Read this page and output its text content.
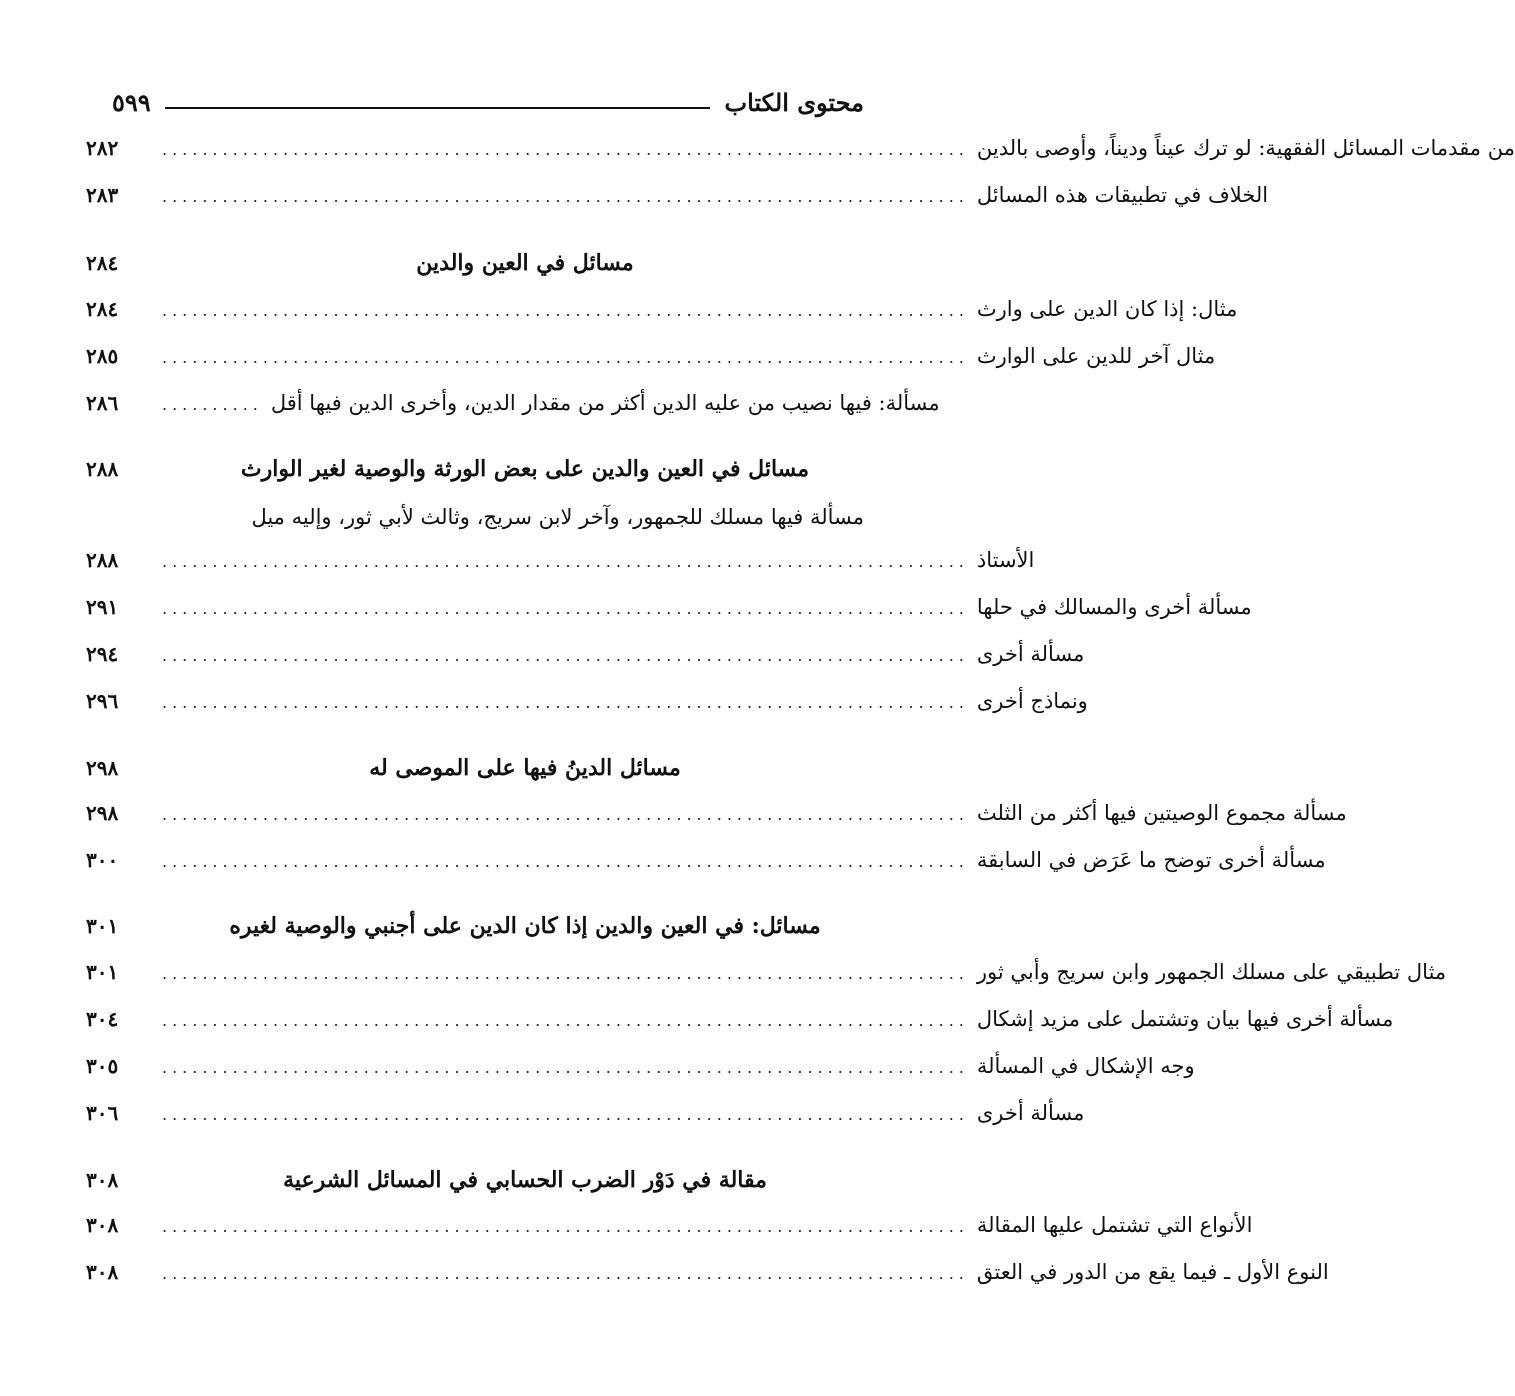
٥٩٩	محتوى الكتاب
٢٨٢	................................................................................ من مقدمات المسائل الفقهية: لو ترك عيناً وديناً، وأوصى بالدين
٢٨٣	................................................................................ الخلاف في تطبيقات هذه المسائل
٢٨٤	مسائل في العين والدين
٢٨٤	................................................................................ مثال: إذا كان الدين على وارث
٢٨٥	................................................................................ مثال آخر للدين على الوارث
٢٨٦	.......... مسألة: فيها نصيب من عليه الدين أكثر من مقدار الدين، وأخرى الدين فيها أقل
٢٨٨	مسائل في العين والدين على بعض الورثة والوصية لغير الوارث
مسألة فيها مسلك للجمهور، وآخر لابن سريج، وثالث لأبي ثور، وإليه ميل
٢٨٨	................................................................................ الأستاذ
٢٩١	................................................................................ مسألة أخرى والمسالك في حلها
٢٩٤	................................................................................ مسألة أخرى
٢٩٦	................................................................................ ونماذج أخرى
٢٩٨	مسائل الدينُ فيها على الموصى له
٢٩٨	................................................................................ مسألة مجموع الوصيتين فيها أكثر من الثلث
٣٠٠	................................................................................ مسألة أخرى توضح ما عَرَض في السابقة
٣٠١	مسائل: في العين والدين إذا كان الدين على أجنبي والوصية لغيره
٣٠١	................................................................................ مثال تطبيقي على مسلك الجمهور وابن سريج وأبي ثور
٣٠٤	................................................................................ مسألة أخرى فيها بيان وتشتمل على مزيد إشكال
٣٠٥	................................................................................ وجه الإشكال في المسألة
٣٠٦	................................................................................ مسألة أخرى
٣٠٨	مقالة في دَوْر الضرب الحسابي في المسائل الشرعية
٣٠٨	................................................................................ الأنواع التي تشتمل عليها المقالة
٣٠٨	................................................................................ النوع الأول ـ فيما يقع من الدور في العتق
